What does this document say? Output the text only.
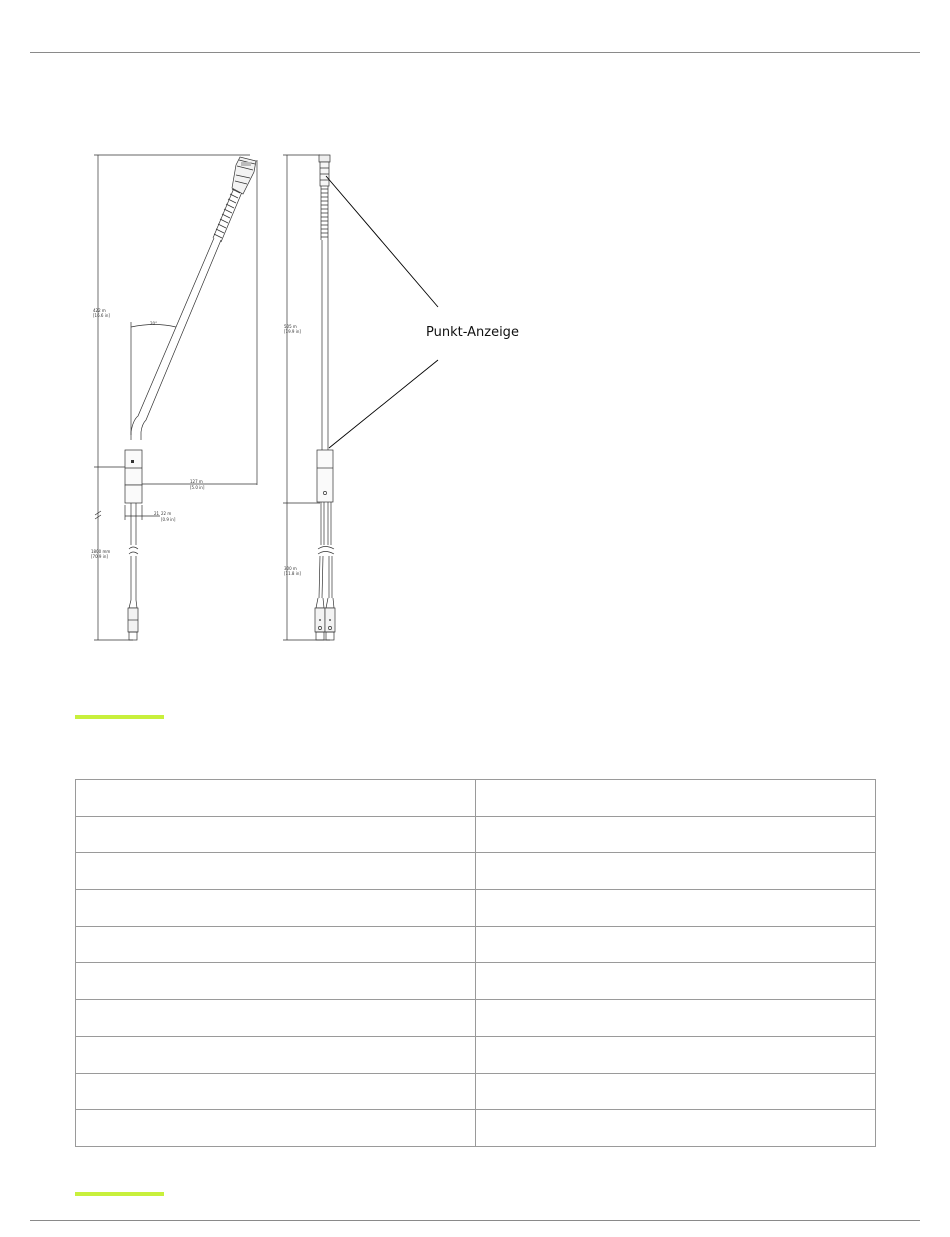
422 m
[16.6 in]
20°
127 m
[5.0 in]
21 22 m
[0.9 in]
1800 mm
[70.9 in]
505 m
[19.9 in]
300 m
[11.8 in]
Punkt-Anzeige
